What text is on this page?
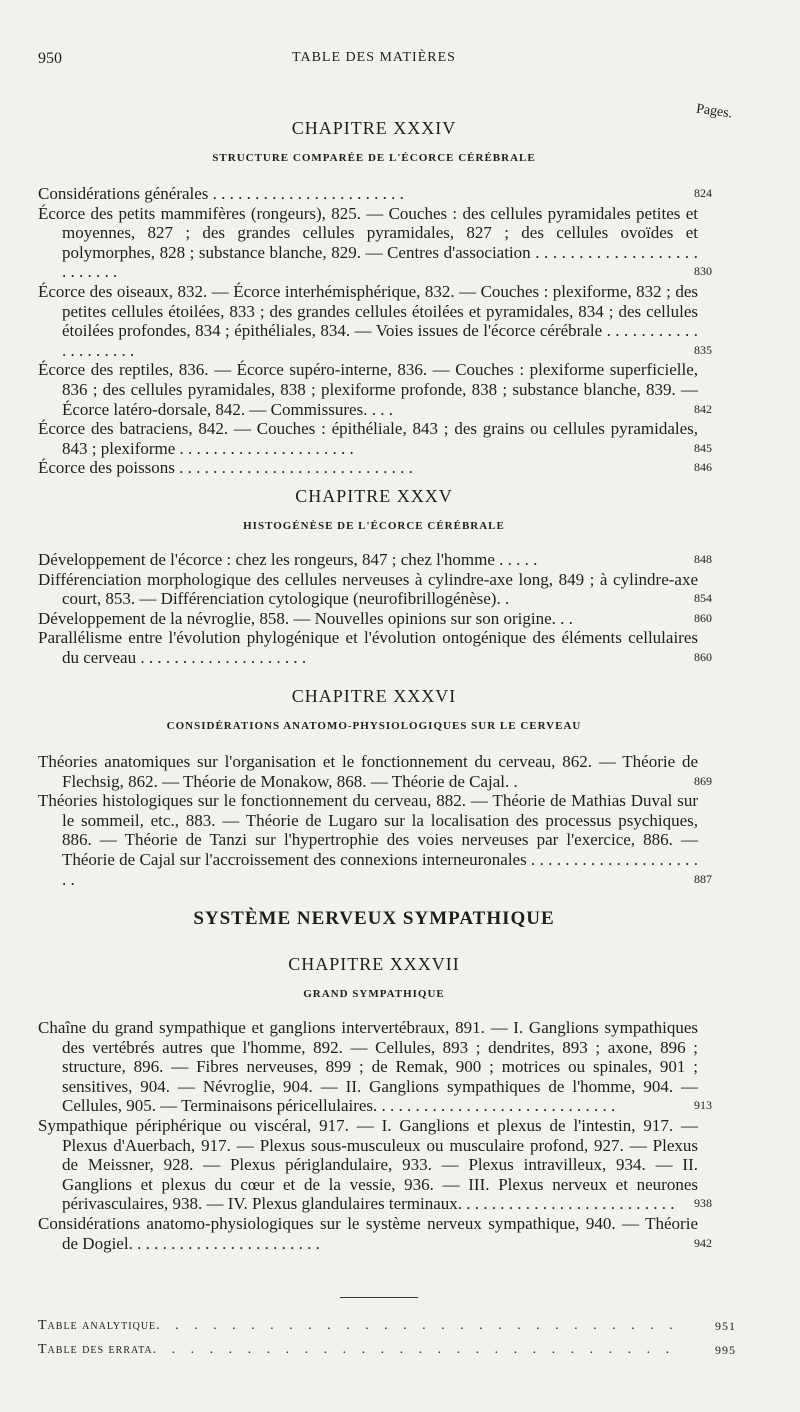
950	TABLE DES MATIÈRES
Pages.
CHAPITRE XXXIV
STRUCTURE COMPARÉE DE L'ÉCORCE CÉRÉBRALE
Considérations générales . . . . . . . . . . . . . . . . . . . . . . .	824
Écorce des petits mammifères (rongeurs), 825. — Couches : des cellules pyramidales petites et moyennes, 827 ; des grandes cellules pyramidales, 827 ; des cellules ovoïdes et polymorphes, 828 ; substance blanche, 829. — Centres d'association . . . . . . . . . . . . . . . . . . . . . . . . . .	830
Écorce des oiseaux, 832. — Écorce interhémisphérique, 832. — Couches : plexiforme, 832 ; des petites cellules étoilées, 833 ; des grandes cellules étoilées et pyramidales, 834 ; des cellules étoilées profondes, 834 ; épithéliales, 834. — Voies issues de l'écorce cérébrale . . . . . . . . . . . . . . . . . . . .	835
Écorce des reptiles, 836. — Écorce supéro-interne, 836. — Couches : plexiforme superficielle, 836 ; des cellules pyramidales, 838 ; plexiforme profonde, 838 ; substance blanche, 839. — Écorce latéro-dorsale, 842. — Commissures. . . .	842
Écorce des batraciens, 842. — Couches : épithéliale, 843 ; des grains ou cellules pyramidales, 843 ; plexiforme . . . . . . . . . . . . . . . . . . . . .	845
Écorce des poissons . . . . . . . . . . . . . . . . . . . . . . . . . . . .	846
CHAPITRE XXXV
HISTOGÉNÈSE DE L'ÉCORCE CÉRÉBRALE
Développement de l'écorce : chez les rongeurs, 847 ; chez l'homme . . . . .	848
Différenciation morphologique des cellules nerveuses à cylindre-axe long, 849 ; à cylindre-axe court, 853. — Différenciation cytologique (neurofibrillogénèse). .	854
Développement de la névroglie, 858. — Nouvelles opinions sur son origine. . .	860
Parallélisme entre l'évolution phylogénique et l'évolution ontogénique des éléments cellulaires du cerveau . . . . . . . . . . . . . . . . . . . .	860
CHAPITRE XXXVI
CONSIDÉRATIONS ANATOMO-PHYSIOLOGIQUES SUR LE CERVEAU
Théories anatomiques sur l'organisation et le fonctionnement du cerveau, 862. — Théorie de Flechsig, 862. — Théorie de Monakow, 868. — Théorie de Cajal. .	869
Théories histologiques sur le fonctionnement du cerveau, 882. — Théorie de Mathias Duval sur le sommeil, etc., 883. — Théorie de Lugaro sur la localisation des processus psychiques, 886. — Théorie de Tanzi sur l'hypertrophie des voies nerveuses par l'exercice, 886. — Théorie de Cajal sur l'accroissement des connexions interneuronales . . . . . . . . . . . . . . . . . . . . . .	887
SYSTÈME NERVEUX SYMPATHIQUE
CHAPITRE XXXVII
GRAND SYMPATHIQUE
Chaîne du grand sympathique et ganglions intervertébraux, 891. — I. Ganglions sympathiques des vertébrés autres que l'homme, 892. — Cellules, 893 ; dendrites, 893 ; axone, 896 ; structure, 896. — Fibres nerveuses, 899 ; de Remak, 900 ; motrices ou spinales, 901 ; sensitives, 904. — Névroglie, 904. — II. Ganglions sympathiques de l'homme, 904. — Cellules, 905. — Terminaisons péricellulaires. . . . . . . . . . . . . . . . . . . . . . . . . . . . .	913
Sympathique périphérique ou viscéral, 917. — I. Ganglions et plexus de l'intestin, 917. — Plexus d'Auerbach, 917. — Plexus sous-musculeux ou musculaire profond, 927. — Plexus de Meissner, 928. — Plexus périglandulaire, 933. — Plexus intravilleux, 934. — II. Ganglions et plexus du cœur et de la vessie, 936. — III. Plexus nerveux et neurones périvasculaires, 938. — IV. Plexus glandulaires terminaux. . . . . . . . . . . . . . . . . . . . . . . . . . 938
Considérations anatomo-physiologiques sur le système nerveux sympathique, 940. — Théorie de Dogiel. . . . . . . . . . . . . . . . . . . . . . .	942
Table analytique. . . . . . . . . . . . . . . . . . . . . . . . . . . .	951
Table des errata. . . . . . . . . . . . . . . . . . . . . . . . . . . .	995
